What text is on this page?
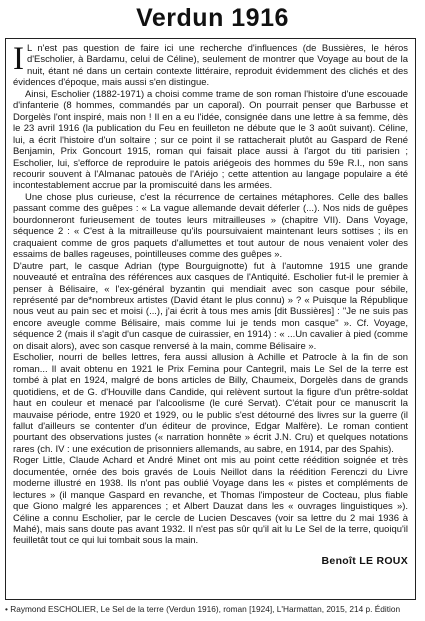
Verdun 1916

I L n'est pas question de faire ici une recherche d'influences (de Bussières, le héros d'Escholier, à Bardamu, celui de Céline), seulement de montrer que Voyage au bout de la nuit, étant né dans un certain contexte littéraire, reproduit évidemment des clichés et des évidences d'époque, mais aussi s'en distingue.

Ainsi, Escholier (1882-1971) a choisi comme trame de son roman l'histoire d'une escouade d'infanterie (8 hommes, commandés par un caporal). On pourrait penser que Barbusse et Dorgelès l'ont inspiré, mais non ! Il en a eu l'idée, consignée dans une lettre à sa femme, dès le 23 avril 1916 (la publication du Feu en feuilleton ne débute que le 3 août suivant). Céline, lui, a écrit l'histoire d'un soltaire ; sur ce point il se rattacherait plutôt au Gaspard de René Benjamin, Prix Goncourt 1915, roman qui faisait place aussi à l'argot du titi parisien ; Escholier, lui, s'efforce de reproduire le patois ariégeois des hommes du 59e R.I., non sans recourir souvent à l'Almanac patouès de l'Ariéjo ; cette attention au langage populaire a été incontestablement accrue par la promiscuité dans les armées.

Une chose plus curieuse, c'est la récurrence de certaines métaphores. Celle des balles passant comme des guêpes : « La vague allemande devait déferler (...). Nos nids de guêpes bourdonneront furieusement de toutes leurs mitrailleuses » (chapitre VII). Dans Voyage, séquence 2 : « C'est à la mitrailleuse qu'ils poursuivaient maintenant leurs sottises ; ils en craquaient comme de gros paquets d'allumettes et tout autour de nous venaient voler des essaims de balles rageuses, pointilleuses comme des guêpes ».

D'autre part, le casque Adrian (type Bourguignotte) fut à l'automne 1915 une grande nouveauté et entraîna des références aux casques de l'Antiquité. Escholier fut-il le premier à penser à Bélisaire, « l'ex-général byzantin qui mendiait avec son casque pour sébile, représenté par de*nombreux artistes (David étant le plus connu) » ? « Puisque la République nous veut au pain sec et moisi (...), j'ai écrit à tous mes amis [dit Bussières] : "Je ne suis pas encore aveugle comme Bélisaire, mais comme lui je tends mon casque" ». Cf. Voyage, séquence 2 (mais il s'agit d'un casque de cuirassier, en 1914) : « ...Un cavalier à pied (comme on disait alors), avec son casque renversé à la main, comme Bélisaire ».

Escholier, nourri de belles lettres, fera aussi allusion à Achille et Patrocle à la fin de son roman... Il avait obtenu en 1921 le Prix Femina pour Cantegril, mais Le Sel de la terre est tombé à plat en 1924, malgré de bons articles de Billy, Chaumeix, Dorgelès dans de grands quotidiens, et de G. d'Houville dans Candide, qui relèvent surtout la figure d'un prêtre-soldat haut en couleur et menacé par l'alcoolisme (le curé Servat). C'était pour ce manuscrit la mauvaise période, entre 1920 et 1929, ou le public s'est détourné des livres sur la guerre (il fallut d'ailleurs se contenter d'un éditeur de province, Edgar Malfère). Le roman contient pourtant des observations justes (« narration honnête » écrit J.N. Cru) et quelques notations rares (ch. IV : une exécution de prisonniers allemands, au sabre, en 1914, par des Spahis).

Roger Little, Claude Achard et André Minet ont mis au point cette réédition soignée et très documentée, ornée des bois gravés de Louis Neillot dans la réédition Ferenczi du Livre moderne illustré en 1938. Ils n'ont pas oublié Voyage dans les « pistes et compléments de lectures » (il manque Gaspard en revanche, et Thomas l'imposteur de Cocteau, plus fiable que Giono malgré les apparences ; et Albert Dauzat dans les « ouvrages linguistiques »). Céline a connu Escholier, par le cercle de Lucien Descaves (voir sa lettre du 2 mai 1936 à Mahé), mais sans doute pas avant 1932. Il n'est pas sûr qu'il ait lu Le Sel de la terre, quoiqu'il feuilletât tout ce qui lui tombait sous la main.

Benoît LE ROUX
• Raymond ESCHOLIER, Le Sel de la terre (Verdun 1916), roman [1924], L'Harmattan, 2015, 214 p. Édition
